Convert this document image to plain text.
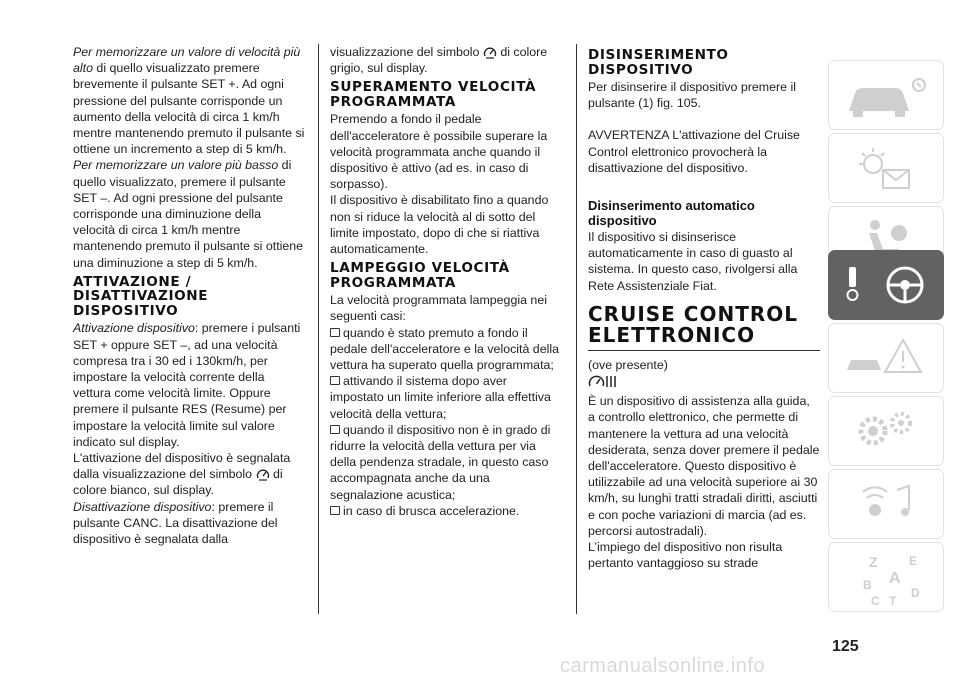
Per memorizzare un valore di velocità più alto di quello visualizzato premere brevemente il pulsante SET +. Ad ogni pressione del pulsante corrisponde un aumento della velocità di circa 1 km/h mentre mantenendo premuto il pulsante si ottiene un incremento a step di 5 km/h.

Per memorizzare un valore più basso di quello visualizzato, premere il pulsante SET –. Ad ogni pressione del pulsante corrisponde una diminuzione della velocità di circa 1 km/h mentre mantenendo premuto il pulsante si ottiene una diminuzione a step di 5 km/h.

ATTIVAZIONE / DISATTIVAZIONE DISPOSITIVO

Attivazione dispositivo: premere i pulsanti SET + oppure SET –, ad una velocità compresa tra i 30 ed i 130km/h, per impostare la velocità corrente della vettura come velocità limite. Oppure premere il pulsante RES (Resume) per impostare la velocità limite sul valore indicato sul display.

L'attivazione del dispositivo è segnalata dalla visualizzazione del simbolo  di colore bianco, sul display.

Disattivazione dispositivo: premere il pulsante CANC. La disattivazione del dispositivo è segnalata dalla

visualizzazione del simbolo  di colore grigio, sul display.

SUPERAMENTO VELOCITÀ PROGRAMMATA

Premendo a fondo il pedale dell'acceleratore è possibile superare la velocità programmata anche quando il dispositivo è attivo (ad es. in caso di sorpasso).

Il dispositivo è disabilitato fino a quando non si riduce la velocità al di sotto del limite impostato, dopo di che si riattiva automaticamente.

LAMPEGGIO VELOCITÀ PROGRAMMATA

La velocità programmata lampeggia nei seguenti casi:

quando è stato premuto a fondo il pedale dell'acceleratore e la velocità della vettura ha superato quella programmata;

attivando il sistema dopo aver impostato un limite inferiore alla effettiva velocità della vettura;

quando il dispositivo non è in grado di ridurre la velocità della vettura per via della pendenza stradale, in questo caso accompagnata anche da una segnalazione acustica;

in caso di brusca accelerazione.

DISINSERIMENTO DISPOSITIVO

Per disinserire il dispositivo premere il pulsante (1) fig. 105.

AVVERTENZA L'attivazione del Cruise Control elettronico provocherà la disattivazione del dispositivo.

Disinserimento automatico dispositivo

Il dispositivo si disinserisce automaticamente in caso di guasto al sistema. In questo caso, rivolgersi alla Rete Assistenziale Fiat.

CRUISE CONTROL ELETTRONICO

(ove presente)

È un dispositivo di assistenza alla guida, a controllo elettronico, che permette di mantenere la vettura ad una velocità desiderata, senza dover premere il pedale dell'acceleratore. Questo dispositivo è utilizzabile ad una velocità superiore ai 30 km/h, su lunghi tratti stradali diritti, asciutti e con poche variazioni di marcia (ad es. percorsi autostradali).

L’impiego del dispositivo non risulta pertanto vantaggioso su strade	Z	E
A
B
C
D
T
125
carmanualsonline.info
